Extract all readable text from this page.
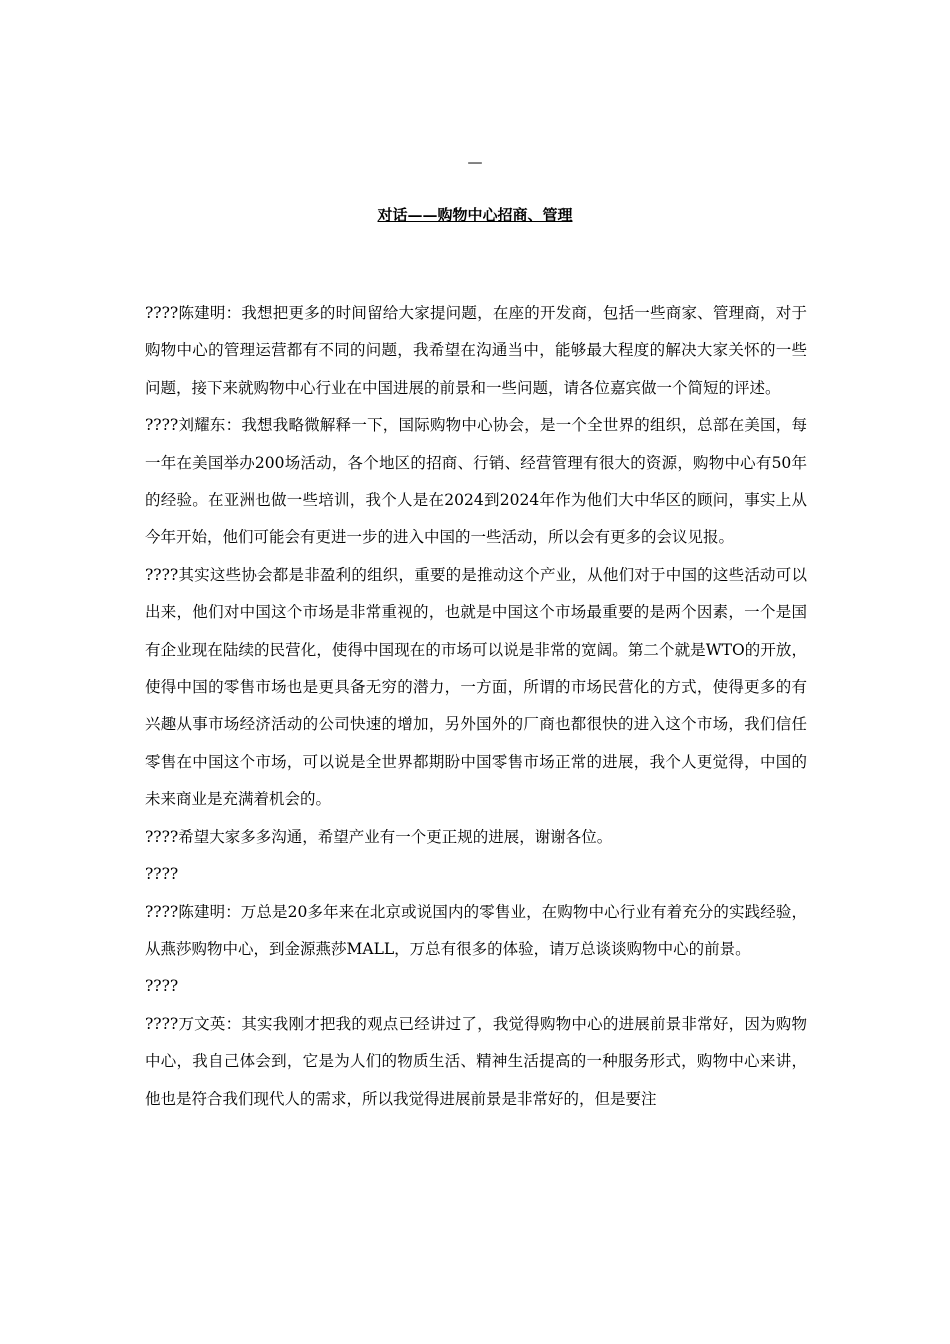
—
对话——购物中心招商、管理

????陈建明：我想把更多的时间留给大家提问题，在座的开发商，包括一些商家、管理商，对于购物中心的管理运营都有不同的问题，我希望在沟通当中，能够最大程度的解决大家关怀的一些问题，接下来就购物中心行业在中国进展的前景和一些问题，请各位嘉宾做一个简短的评述。

????刘耀东：我想我略微解释一下，国际购物中心协会，是一个全世界的组织，总部在美国，每一年在美国举办200场活动，各个地区的招商、行销、经营管理有很大的资源，购物中心有50年的经验。在亚洲也做一些培训，我个人是在2024到2024年作为他们大中华区的顾问，事实上从今年开始，他们可能会有更进一步的进入中国的一些活动，所以会有更多的会议见报。

????其实这些协会都是非盈利的组织，重要的是推动这个产业，从他们对于中国的这些活动可以出来，他们对中国这个市场是非常重视的，也就是中国这个市场最重要的是两个因素，一个是国有企业现在陆续的民营化，使得中国现在的市场可以说是非常的宽阔。第二个就是WTO的开放，使得中国的零售市场也是更具备无穷的潜力，一方面，所谓的市场民营化的方式，使得更多的有兴趣从事市场经济活动的公司快速的增加，另外国外的厂商也都很快的进入这个市场，我们信任零售在中国这个市场，可以说是全世界都期盼中国零售市场正常的进展，我个人更觉得，中国的未来商业是充满着机会的。

????希望大家多多沟通，希望产业有一个更正规的进展，谢谢各位。

????

????陈建明：万总是20多年来在北京或说国内的零售业，在购物中心行业有着充分的实践经验，从燕莎购物中心，到金源燕莎MALL，万总有很多的体验，请万总谈谈购物中心的前景。

????

????万文英：其实我刚才把我的观点已经讲过了，我觉得购物中心的进展前景非常好，因为购物中心，我自己体会到，它是为人们的物质生活、精神生活提高的一种服务形式，购物中心来讲，他也是符合我们现代人的需求，所以我觉得进展前景是非常好的，但是要注
